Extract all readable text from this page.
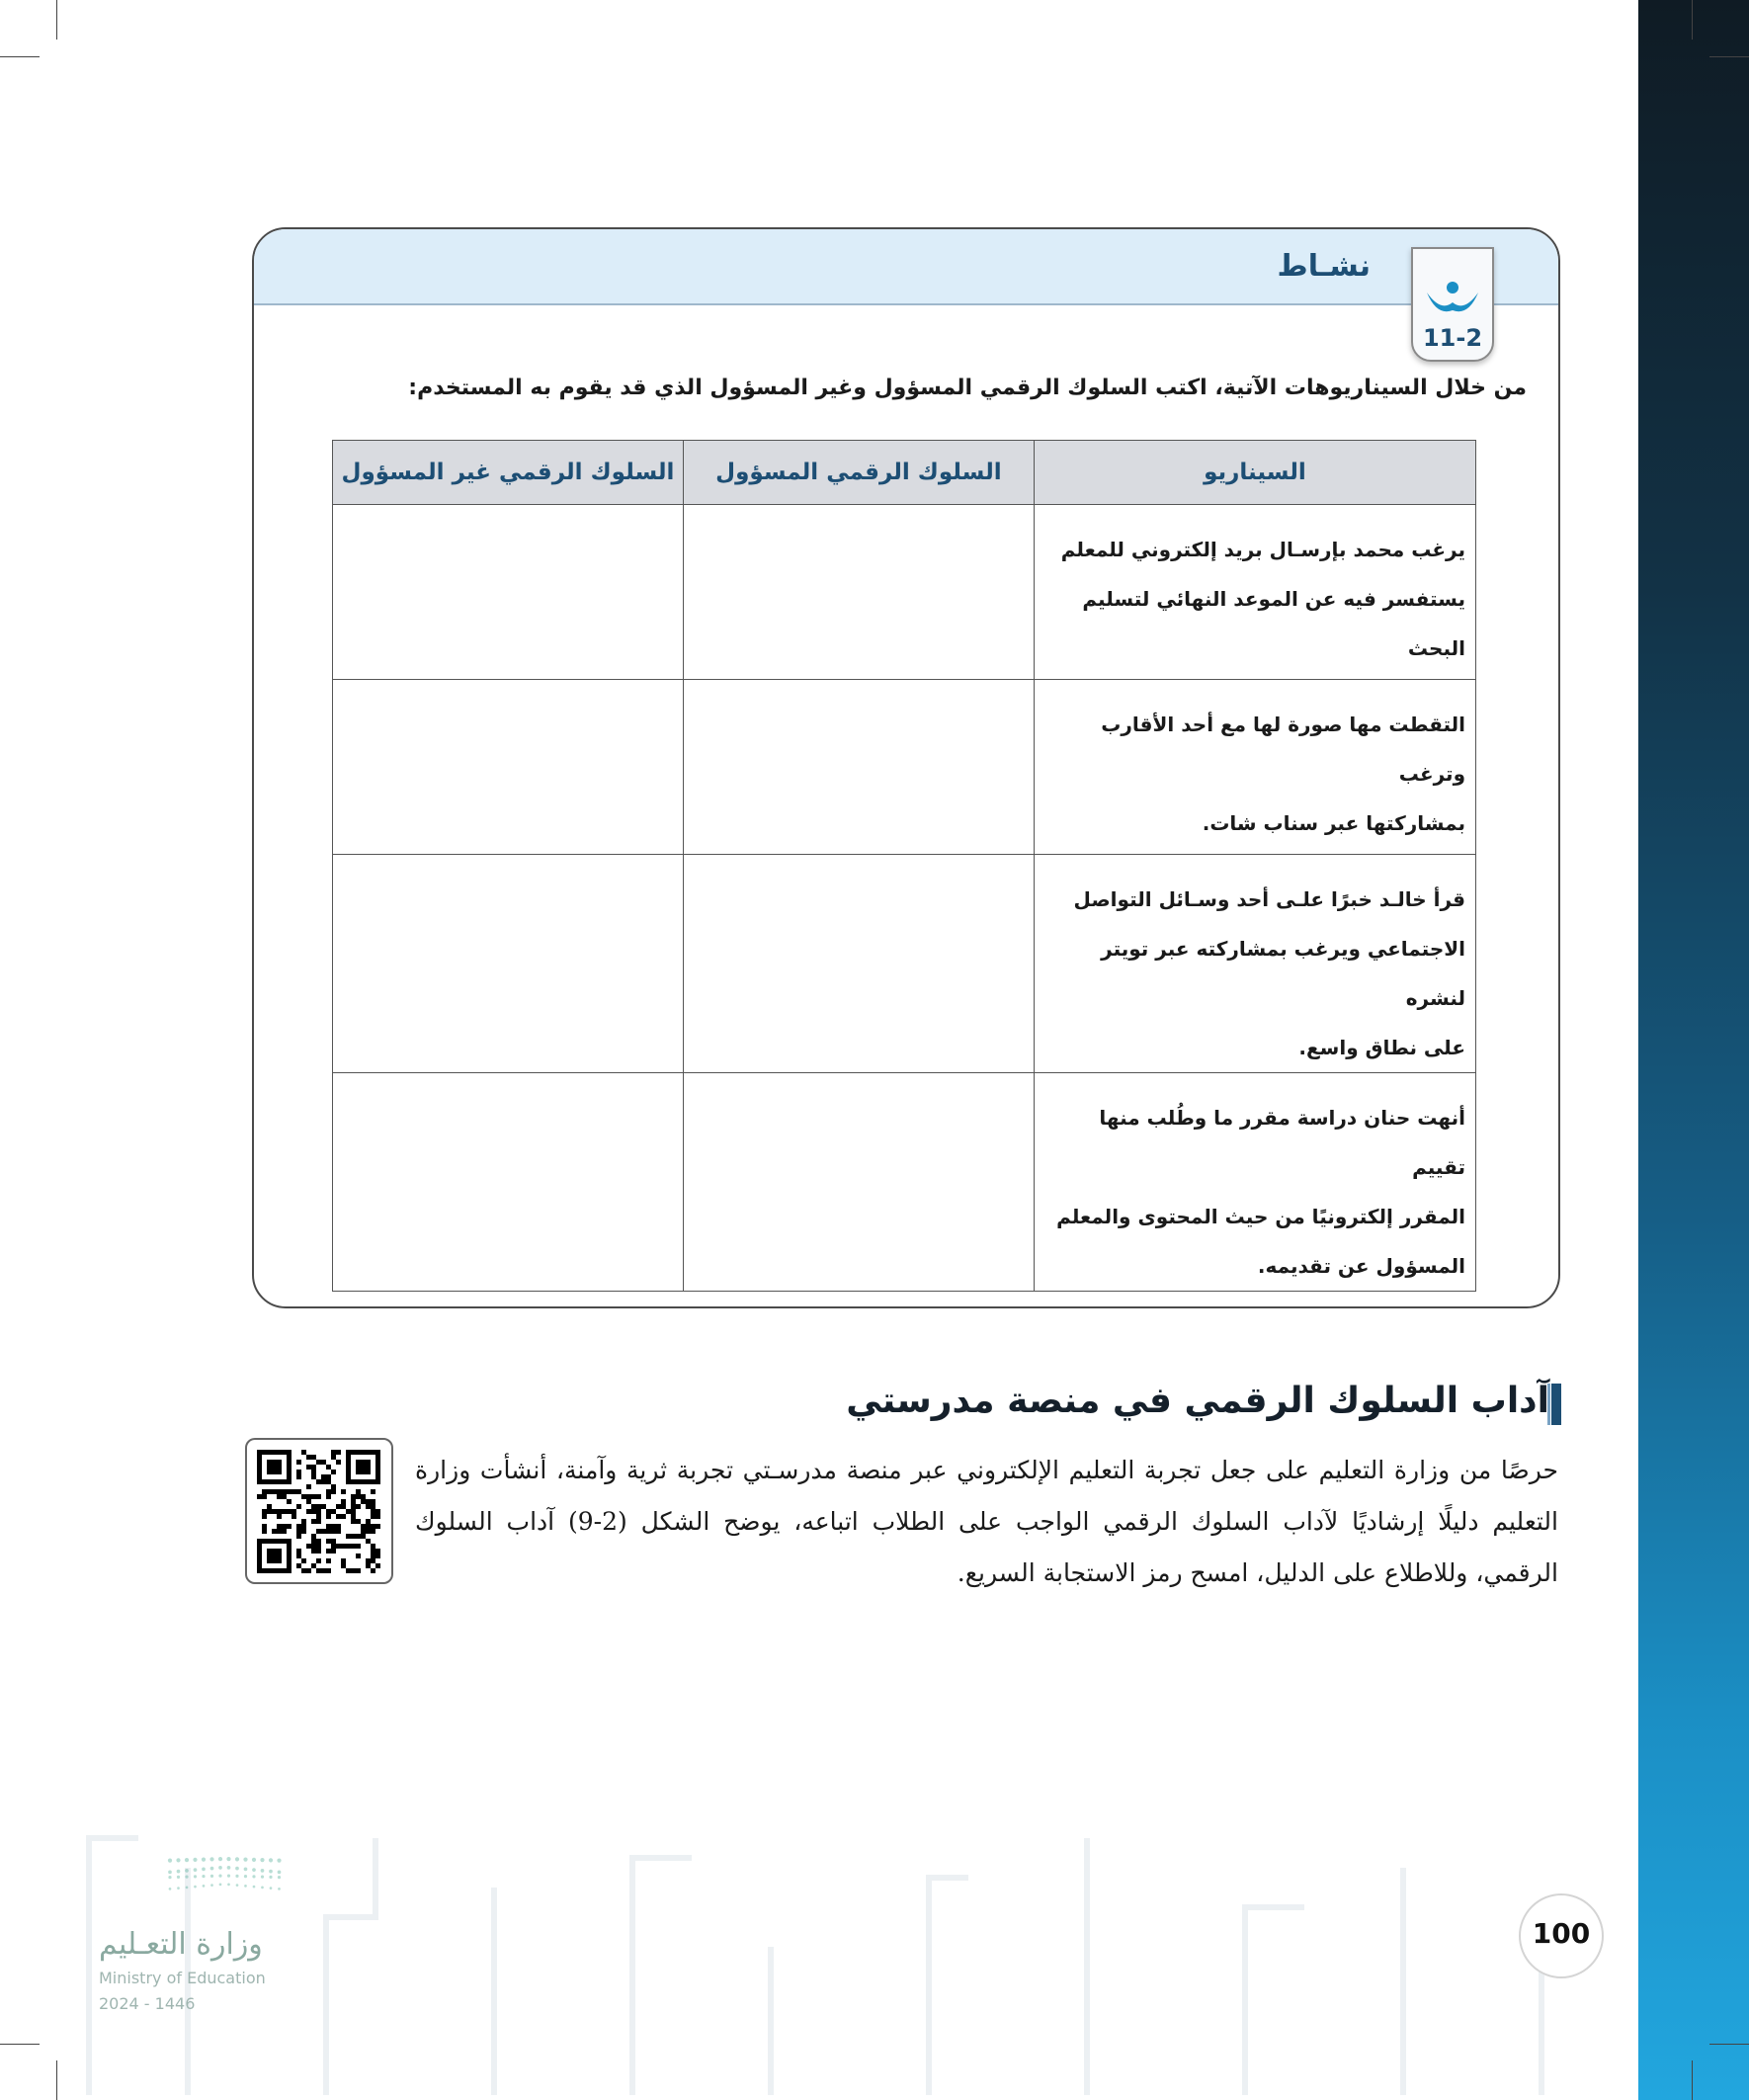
نشـاط
11-2
من خلال السيناريوهات الآتية، اكتب السلوك الرقمي المسؤول وغير المسؤول الذي قد يقوم به المستخدم:
السيناريو	السلوك الرقمي المسؤول	السلوك الرقمي غير المسؤول

يرغب محمد بإرسـال بريد إلكتروني للمعلم
يستفسر فيه عن الموعد النهائي لتسليم البحث		

التقطت مها صورة لها مع أحد الأقارب وترغب
بمشاركتها عبر سناب شات.		

قرأ خالـد خبرًا علـى أحد وسـائل التواصل
الاجتماعي ويرغب بمشاركته عبر تويتر لنشره
على نطاق واسع.		

أنهت حنان دراسة مقرر ما وطُلب منها تقييم
المقرر إلكترونيًا من حيث المحتوى والمعلم
المسؤول عن تقديمه.		

آداب السلوك الرقمي في منصة مدرستي
حرصًا من وزارة التعليم على جعل تجربة التعليم الإلكتروني عبر منصة مدرسـتي تجربة ثرية وآمنة، أنشأت وزارة التعليم دليلًا إرشاديًا لآداب السلوك الرقمي الواجب على الطلاب اتباعه، يوضح الشكل (2-9) آداب السلوك الرقمي، وللاطلاع على الدليل، امسح رمز الاستجابة السريع.
وزارة التعـليم
Ministry of Education
2024 - 1446
100
